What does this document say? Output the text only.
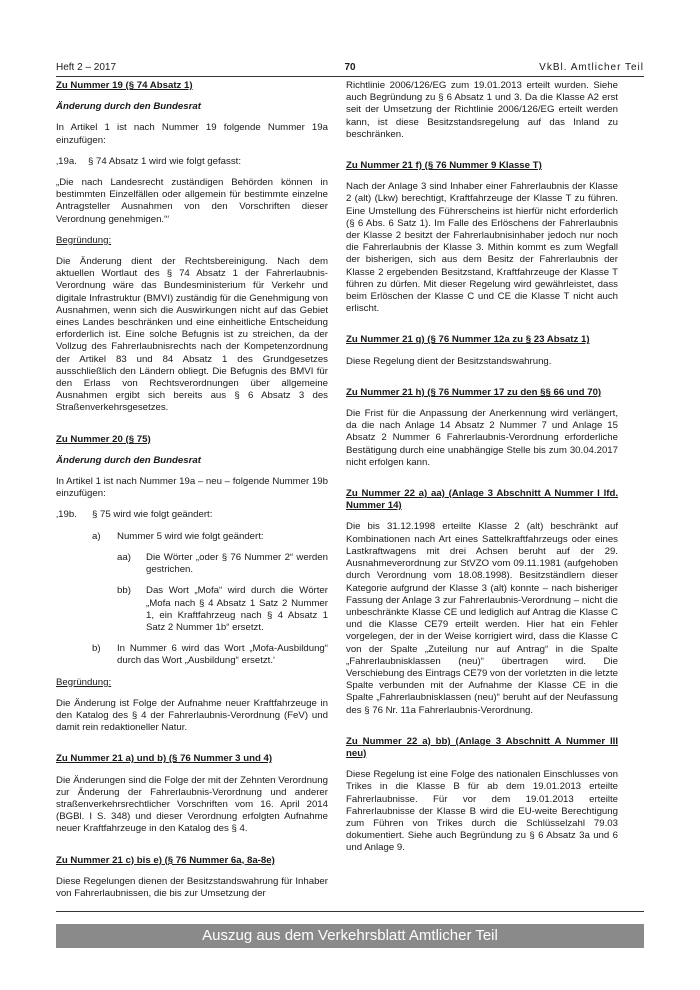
Heft 2 – 2017	70	VkBl. Amtlicher Teil
Zu Nummer 19 (§ 74 Absatz 1)
Änderung durch den Bundesrat

In Artikel 1 ist nach Nummer 19 folgende Nummer 19a einzufügen:

‚19a.	§ 74 Absatz 1 wird wie folgt gefasst:

„Die nach Landesrecht zuständigen Behörden können in bestimmten Einzelfällen oder allgemein für bestimmte einzelne Antragsteller Ausnahmen von den Vorschriften dieser Verordnung genehmigen.“‘

Begründung:

Die Änderung dient der Rechtsbereinigung. Nach dem aktuellen Wortlaut des § 74 Absatz 1 der Fahrerlaubnis-Verordnung wäre das Bundesministerium für Verkehr und digitale Infrastruktur (BMVI) zuständig für die Genehmigung von Ausnahmen, wenn sich die Auswirkungen nicht auf das Gebiet eines Landes beschränken und eine einheitliche Entscheidung erforderlich ist. Eine solche Befugnis ist zu streichen, da der Vollzug des Fahrerlaubnisrechts nach der Kompetenzordnung der Artikel 83 und 84 Absatz 1 des Grundgesetzes ausschließlich den Ländern obliegt. Die Befugnis des BMVI für den Erlass von Rechtsverordnungen über allgemeine Ausnahmen ergibt sich bereits aus § 6 Absatz 3 des Straßenverkehrsgesetzes.

Zu Nummer 20 (§ 75)
Änderung durch den Bundesrat

In Artikel 1 ist nach Nummer 19a – neu – folgende Nummer 19b einzufügen:

‚19b.	§ 75 wird wie folgt geändert:
a)	Nummer 5 wird wie folgt geändert:
aa)	Die Wörter „oder § 76 Nummer 2“ werden gestrichen.
bb)	Das Wort „Mofa“ wird durch die Wörter „Mofa nach § 4 Absatz 1 Satz 2 Nummer 1, ein Kraftfahrzeug nach § 4 Absatz 1 Satz 2 Nummer 1b“ ersetzt.
b)	In Nummer 6 wird das Wort „Mofa-Ausbildung“ durch das Wort „Ausbildung“ ersetzt.‘
Begründung:

Die Änderung ist Folge der Aufnahme neuer Kraftfahrzeuge in den Katalog des § 4 der Fahrerlaubnis-Verordnung (FeV) und damit rein redaktioneller Natur.

Zu Nummer 21 a) und b) (§ 76 Nummer 3 und 4)

Die Änderungen sind die Folge der mit der Zehnten Verordnung zur Änderung der Fahrerlaubnis-Verordnung und anderer straßenverkehrsrechtlicher Vorschriften vom 16. April 2014 (BGBl. I S. 348) und dieser Verordnung erfolgten Aufnahme neuer Kraftfahrzeuge in den Katalog des § 4.

Zu Nummer 21 c) bis e) (§ 76 Nummer 6a, 8a-8e)

Diese Regelungen dienen der Besitzstandswahrung für Inhaber von Fahrerlaubnissen, die bis zur Umsetzung der

Richtlinie 2006/126/EG zum 19.01.2013 erteilt wurden. Siehe auch Begründung zu § 6 Absatz 1 und 3. Da die Klasse A2 erst seit der Umsetzung der Richtlinie 2006/126/EG erteilt werden kann, ist diese Besitzstandsregelung auf das Inland zu beschränken.

Zu Nummer 21 f) (§ 76 Nummer 9 Klasse T)

Nach der Anlage 3 sind Inhaber einer Fahrerlaubnis der Klasse 2 (alt) (Lkw) berechtigt, Kraftfahrzeuge der Klasse T zu führen. Eine Umstellung des Führerscheins ist hierfür nicht erforderlich (§ 6 Abs. 6 Satz 1). Im Falle des Erlöschens der Fahrerlaubnis der Klasse 2 besitzt der Fahrerlaubnisinhaber jedoch nur noch die Fahrerlaubnis der Klasse 3. Mithin kommt es zum Wegfall der bisherigen, sich aus dem Besitz der Fahrerlaubnis der Klasse 2 ergebenden Besitzstand, Kraftfahrzeuge der Klasse T führen zu dürfen. Mit dieser Regelung wird gewährleistet, dass beim Erlöschen der Klasse C und CE die Klasse T nicht auch erlischt.

Zu Nummer 21 g) (§ 76 Nummer 12a zu § 23 Absatz 1)

Diese Regelung dient der Besitzstandswahrung.

Zu Nummer 21 h) (§ 76 Nummer 17 zu den §§ 66 und 70)

Die Frist für die Anpassung der Anerkennung wird verlängert, da die nach Anlage 14 Absatz 2 Nummer 7 und Anlage 15 Absatz 2 Nummer 6 Fahrerlaubnis-Verordnung erforderliche Bestätigung durch eine unabhängige Stelle bis zum 30.04.2017 nicht erfolgen kann.

Zu Nummer 22 a) aa) (Anlage 3 Abschnitt A Nummer I lfd. Nummer 14)

Die bis 31.12.1998 erteilte Klasse 2 (alt) beschränkt auf Kombinationen nach Art eines Sattelkraftfahrzeugs oder eines Lastkraftwagens mit drei Achsen beruht auf der 29. Ausnahmeverordnung zur StVZO vom 09.11.1981 (aufgehoben durch Verordnung vom 18.08.1998). Besitzständlern dieser Kategorie aufgrund der Klasse 3 (alt) konnte – nach bisheriger Fassung der Anlage 3 zur Fahrerlaubnis-Verordnung – nicht die unbeschränkte Klasse CE und lediglich auf Antrag die Klasse C und die Klasse CE79 erteilt werden. Hier hat ein Fehler vorgelegen, der in der Weise korrigiert wird, dass die Klasse C von der Spalte „Zuteilung nur auf Antrag“ in die Spalte „Fahrerlaubnisklassen (neu)“ übertragen wird. Die Verschiebung des Eintrags CE79 von der vorletzten in die letzte Spalte verbunden mit der Aufnahme der Klasse CE in die Spalte „Fahrerlaubnisklassen (neu)“ beruht auf der Neufassung des § 76 Nr. 11a Fahrerlaubnis-Verordnung.

Zu Nummer 22 a) bb) (Anlage 3 Abschnitt A Nummer III neu)

Diese Regelung ist eine Folge des nationalen Einschlusses von Trikes in die Klasse B für ab dem 19.01.2013 erteilte Fahrerlaubnisse. Für vor dem 19.01.2013 erteilte Fahrerlaubnisse der Klasse B wird die EU-weite Berechtigung zum Führen von Trikes durch die Schlüsselzahl 79.03 dokumentiert. Siehe auch Begründung zu § 6 Absatz 3a und 6 und Anlage 9.

Auszug aus dem Verkehrsblatt Amtlicher Teil
